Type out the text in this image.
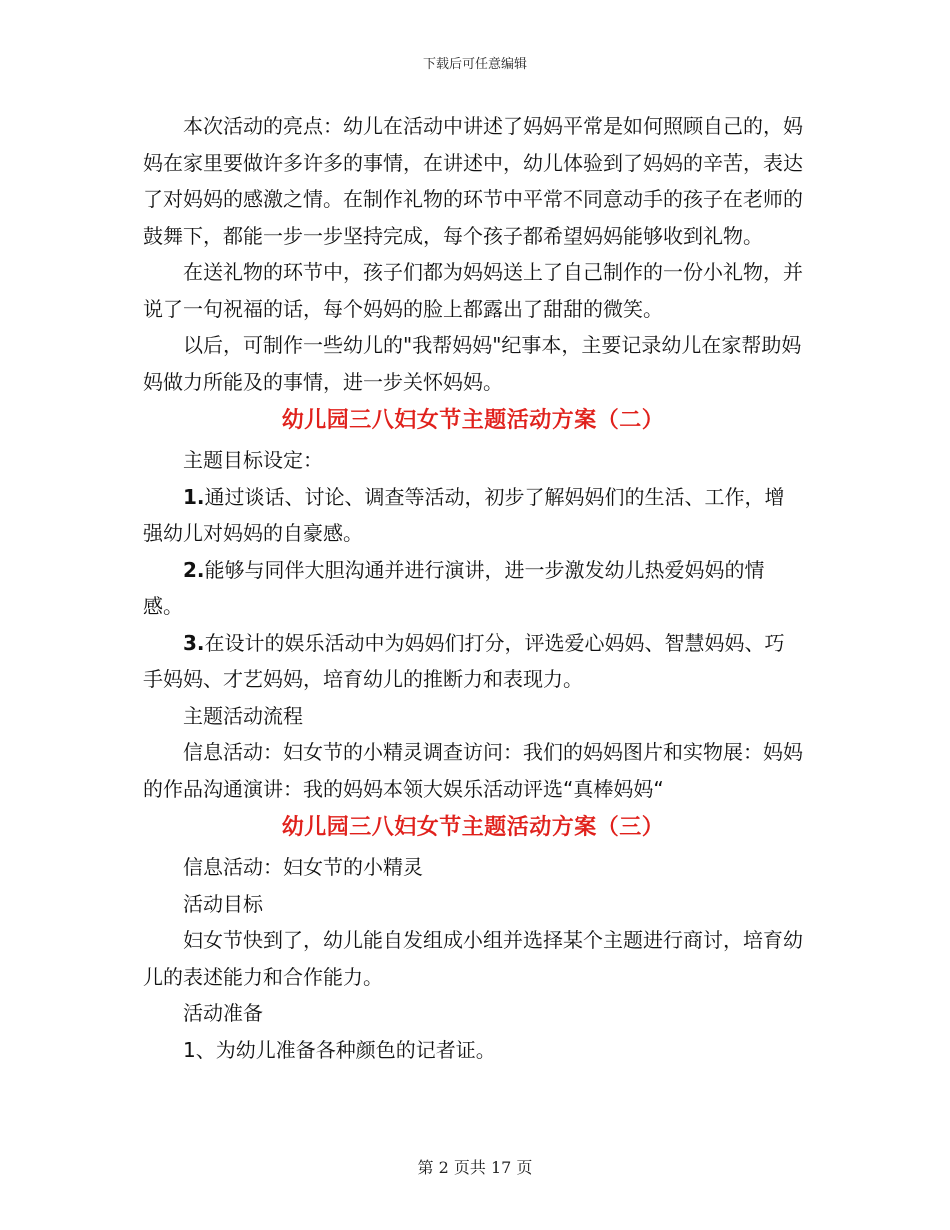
下载后可任意编辑

本次活动的亮点：幼儿在活动中讲述了妈妈平常是如何照顾自己的，妈妈在家里要做许多许多的事情，在讲述中，幼儿体验到了妈妈的辛苦，表达了对妈妈的感激之情。在制作礼物的环节中平常不同意动手的孩子在老师的鼓舞下，都能一步一步坚持完成，每个孩子都希望妈妈能够收到礼物。

在送礼物的环节中，孩子们都为妈妈送上了自己制作的一份小礼物，并说了一句祝福的话，每个妈妈的脸上都露出了甜甜的微笑。

以后，可制作一些幼儿的"我帮妈妈"纪事本，主要记录幼儿在家帮助妈妈做力所能及的事情，进一步关怀妈妈。

幼儿园三八妇女节主题活动方案（二）

主题目标设定：

1.通过谈话、讨论、调查等活动，初步了解妈妈们的生活、工作，增强幼儿对妈妈的自豪感。

2.能够与同伴大胆沟通并进行演讲，进一步激发幼儿热爱妈妈的情感。

3.在设计的娱乐活动中为妈妈们打分，评选爱心妈妈、智慧妈妈、巧手妈妈、才艺妈妈，培育幼儿的推断力和表现力。

主题活动流程

信息活动：妇女节的小精灵调查访问：我们的妈妈图片和实物展：妈妈的作品沟通演讲：我的妈妈本领大娱乐活动评选“真棒妈妈“

幼儿园三八妇女节主题活动方案（三）

信息活动：妇女节的小精灵

活动目标

妇女节快到了，幼儿能自发组成小组并选择某个主题进行商讨，培育幼儿的表述能力和合作能力。

活动准备

1、为幼儿准备各种颜色的记者证。

第 2 页共 17 页
